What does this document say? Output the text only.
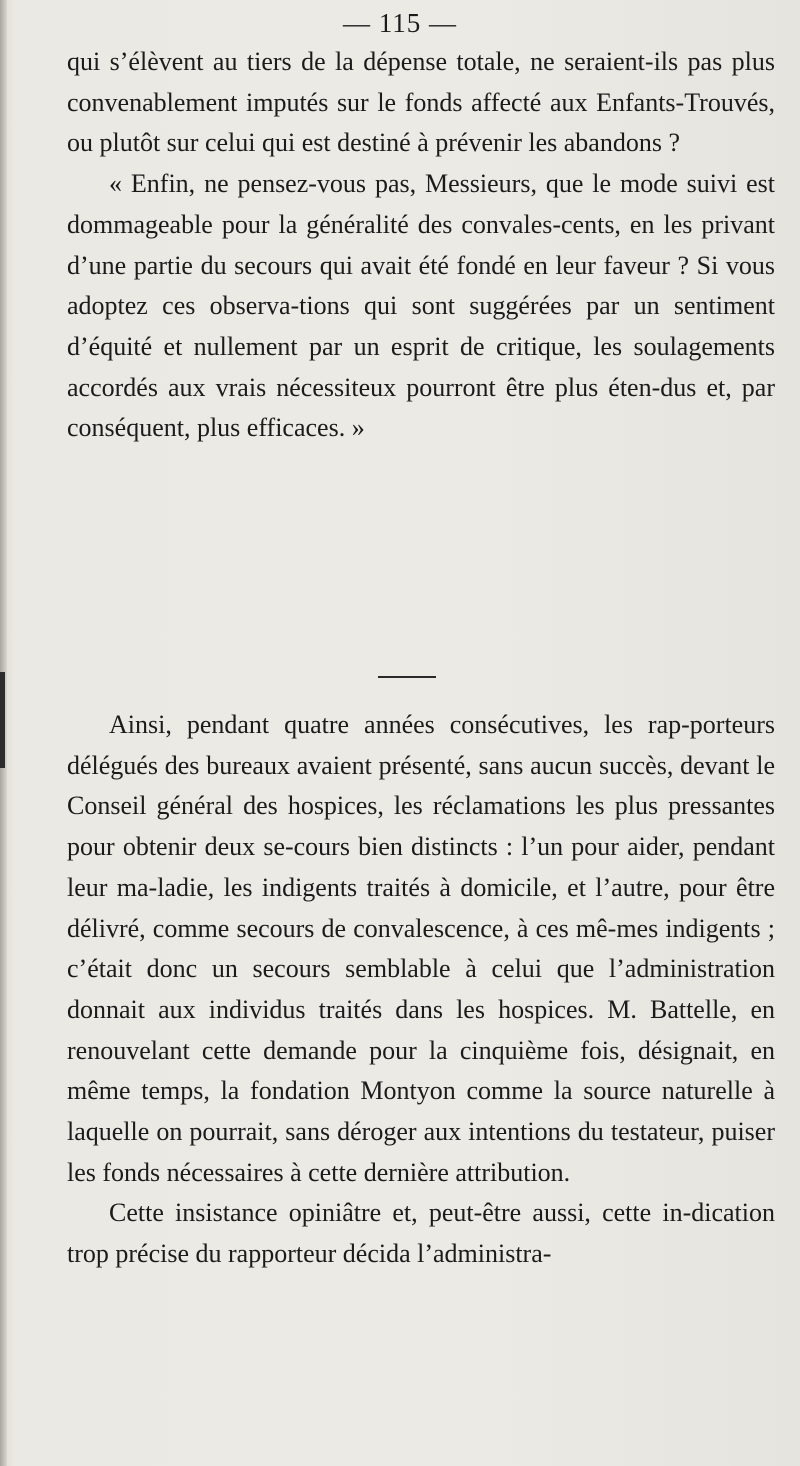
— 115 —

qui s’élèvent au tiers de la dépense totale, ne seraient-ils pas plus convenablement imputés sur le fonds affecté aux Enfants-Trouvés, ou plutôt sur celui qui est destiné à prévenir les abandons ?

« Enfin, ne pensez-vous pas, Messieurs, que le mode suivi est dommageable pour la généralité des convales-cents, en les privant d’une partie du secours qui avait été fondé en leur faveur ? Si vous adoptez ces observa-tions qui sont suggérées par un sentiment d’équité et nullement par un esprit de critique, les soulagements accordés aux vrais nécessiteux pourront être plus éten-dus et, par conséquent, plus efficaces. »

Ainsi, pendant quatre années consécutives, les rap-porteurs délégués des bureaux avaient présenté, sans aucun succès, devant le Conseil général des hospices, les réclamations les plus pressantes pour obtenir deux se-cours bien distincts : l’un pour aider, pendant leur ma-ladie, les indigents traités à domicile, et l’autre, pour être délivré, comme secours de convalescence, à ces mê-mes indigents ; c’était donc un secours semblable à celui que l’administration donnait aux individus traités dans les hospices. M. Battelle, en renouvelant cette demande pour la cinquième fois, désignait, en même temps, la fondation Montyon comme la source naturelle à laquelle on pourrait, sans déroger aux intentions du testateur, puiser les fonds nécessaires à cette dernière attribution.

Cette insistance opiniâtre et, peut-être aussi, cette in-dication trop précise du rapporteur décida l’administra-
